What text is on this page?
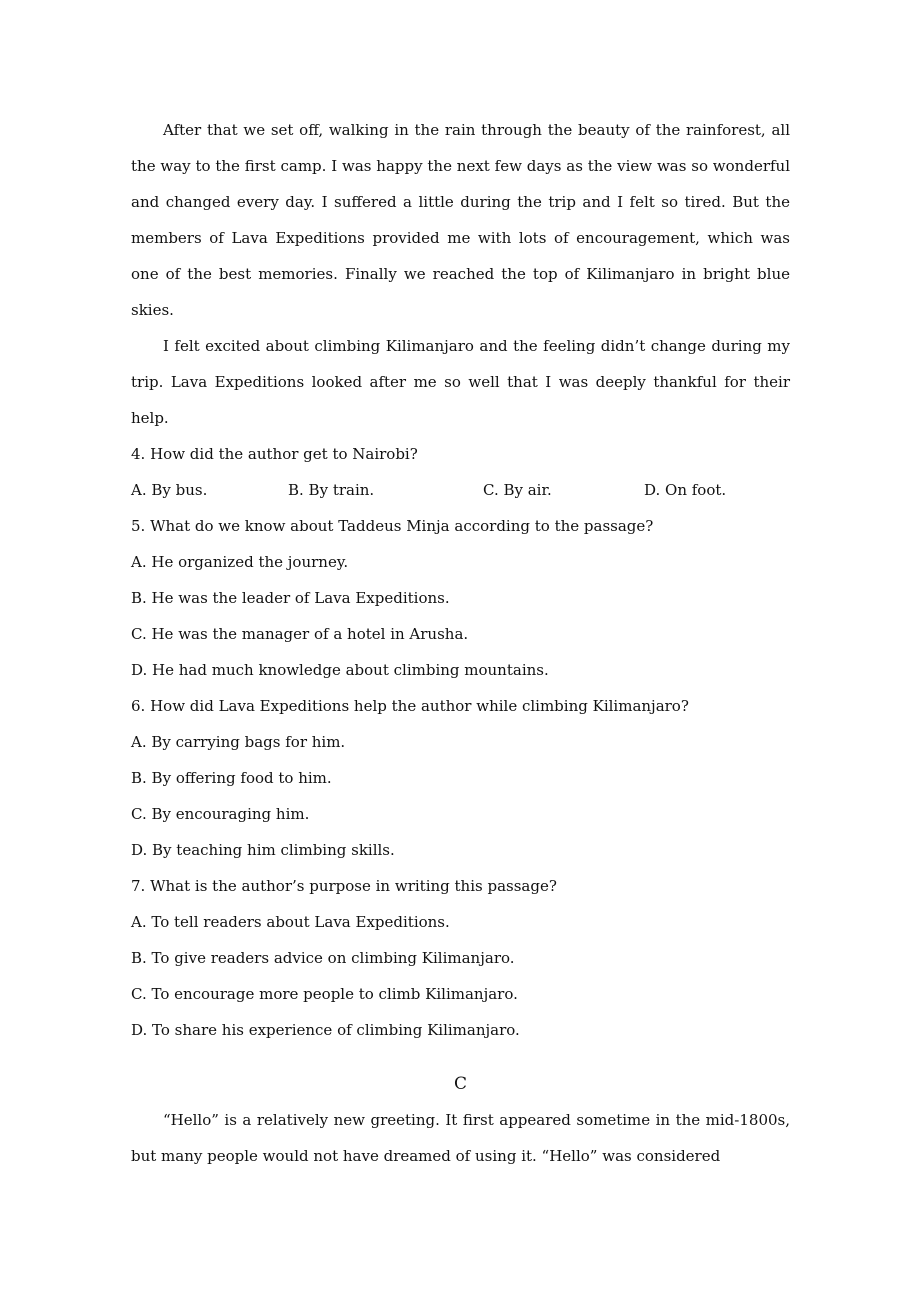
After that we set off, walking in the rain through the beauty of the rainforest, all the way to the first camp. I was happy the next few days as the view was so wonderful and changed every day. I suffered a little during the trip and I felt so tired. But the members of Lava Expeditions provided me with lots of encouragement, which was one of the best memories. Finally we reached the top of Kilimanjaro in bright blue skies.

I felt excited about climbing Kilimanjaro and the feeling didn’t change during my trip. Lava Expeditions looked after me so well that I was deeply thankful for their help.

4. How did the author get to Nairobi?

A. By bus.	B. By train.	C. By air.	D. On foot.

5. What do we know about Taddeus Minja according to the passage?

A. He organized the journey.

B. He was the leader of Lava Expeditions.

C. He was the manager of a hotel in Arusha.

D. He had much knowledge about climbing mountains.

6. How did Lava Expeditions help the author while climbing Kilimanjaro?

A. By carrying bags for him.

B. By offering food to him.

C. By encouraging him.

D. By teaching him climbing skills.

7. What is the author’s purpose in writing this passage?

A. To tell readers about Lava Expeditions.

B. To give readers advice on climbing Kilimanjaro.

C. To encourage more people to climb Kilimanjaro.

D. To share his experience of climbing Kilimanjaro.

C

“Hello” is a relatively new greeting. It first appeared sometime in the mid-1800s, but many people would not have dreamed of using it. “Hello” was considered
